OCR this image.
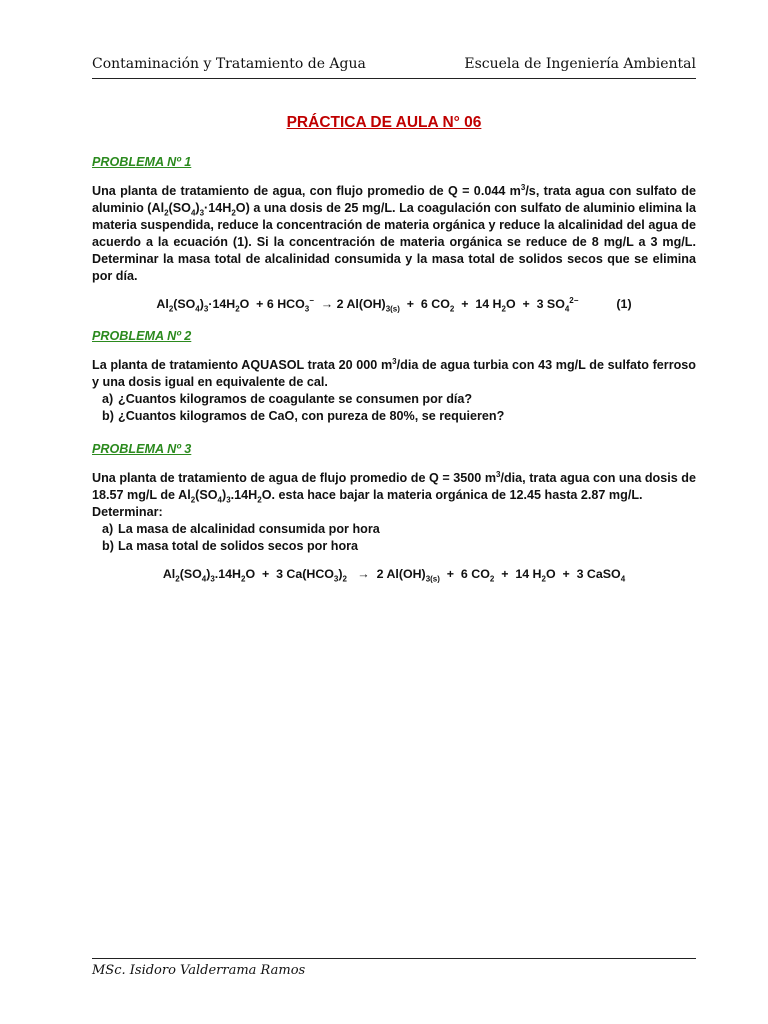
Contaminación y Tratamiento de Agua	Escuela de Ingeniería Ambiental
PRÁCTICA DE AULA N° 06
PROBLEMA Nº 1

Una planta de tratamiento de agua, con flujo promedio de Q = 0.044 $m^3/s$, trata agua con sulfato de aluminio $(Al_2(SO_4)_3\cdot 14H_2O)$ a una dosis de 25 mg/L. La coagulación con sulfato de aluminio elimina la materia suspendida, reduce la concentración de materia orgánica y reduce la alcalinidad del agua de acuerdo a la ecuación (1). Si la concentración de materia orgánica se reduce de 8 mg/L a 3 mg/L. Determinar la masa total de alcalinidad consumida y la masa total de solidos secos que se elimina por día.

$Al_2(SO_4)_3\cdot 14H_2O + 6$ $HCO_3^- \to 2$ $Al(OH)_{3(s)} + 6$ $CO_2 + 14$ $H_2O + 3$ $SO_4^{2-}$	(1)
PROBLEMA Nº 2

La planta de tratamiento AQUASOL trata 20 000 $m^3$/dia de agua turbia con 43 mg/L de sulfato ferroso y una dosis igual en equivalente de cal.

a) ¿Cuantos kilogramos de coagulante se consumen por día?
b) ¿Cuantos kilogramos de CaO, con pureza de 80%, se requieren?
PROBLEMA Nº 3

Una planta de tratamiento de agua de flujo promedio de Q = 3500 $m^3$/dia, trata agua con una dosis de 18.57 mg/L de $Al_2(SO_4)_3.14H_2O$. esta hace bajar la materia orgánica de 12.45 hasta 2.87 mg/L.

Determinar:

a) La masa de alcalinidad consumida por hora
b) La masa total de solidos secos por hora
$Al_2(SO_4)_3.14H_2O + 3$ $Ca(HCO_3)_2 \to 2$ $Al(OH)_{3(s)} + 6$ $CO_2 + 14$ $H_2O + 3$ CaSO$_4$
MSc. Isidoro Valderrama Ramos
